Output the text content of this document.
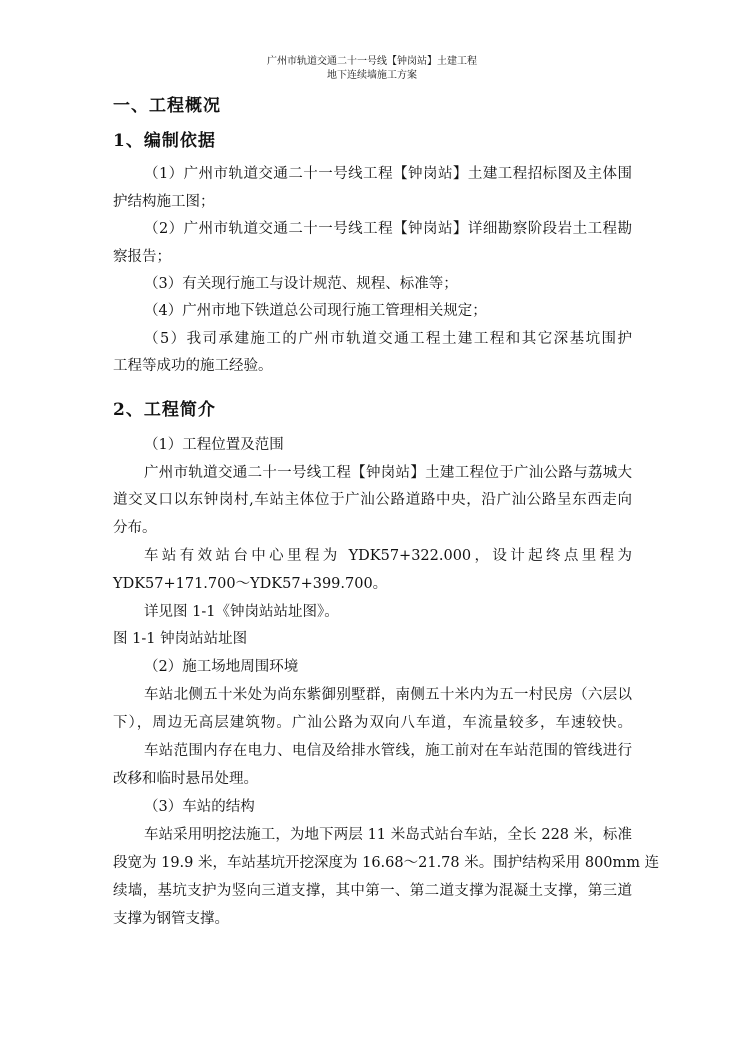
广州市轨道交通二十一号线【钟岗站】土建工程
地下连续墙施工方案
一、工程概况
1、编制依据
（1）广州市轨道交通二十一号线工程【钟岗站】土建工程招标图及主体围
护结构施工图；
（2）广州市轨道交通二十一号线工程【钟岗站】详细勘察阶段岩土工程勘
察报告；
（3）有关现行施工与设计规范、规程、标准等；
（4）广州市地下铁道总公司现行施工管理相关规定；
（5）我司承建施工的广州市轨道交通工程土建工程和其它深基坑围护
工程等成功的施工经验。
2、工程简介
（1）工程位置及范围
广州市轨道交通二十一号线工程【钟岗站】土建工程位于广汕公路与荔城大
道交叉口以东钟岗村,车站主体位于广汕公路道路中央，沿广汕公路呈东西走向
分布。
车站有效站台中心里程为 YDK57+322.000，设计起终点里程为
YDK57+171.700～YDK57+399.700。
详见图 1-1《钟岗站站址图》。
图 1-1 钟岗站站址图
（2）施工场地周围环境
车站北侧五十米处为尚东紫御别墅群，南侧五十米内为五一村民房（六层以
下），周边无高层建筑物。广汕公路为双向八车道，车流量较多，车速较快。
车站范围内存在电力、电信及给排水管线，施工前对在车站范围的管线进行
改移和临时悬吊处理。
（3）车站的结构
车站采用明挖法施工，为地下两层 11 米岛式站台车站，全长 228 米，标准
段宽为 19.9 米，车站基坑开挖深度为 16.68～21.78 米。围护结构采用 800mm 连
续墙，基坑支护为竖向三道支撑，其中第一、第二道支撑为混凝土支撑，第三道
支撑为钢管支撑。
